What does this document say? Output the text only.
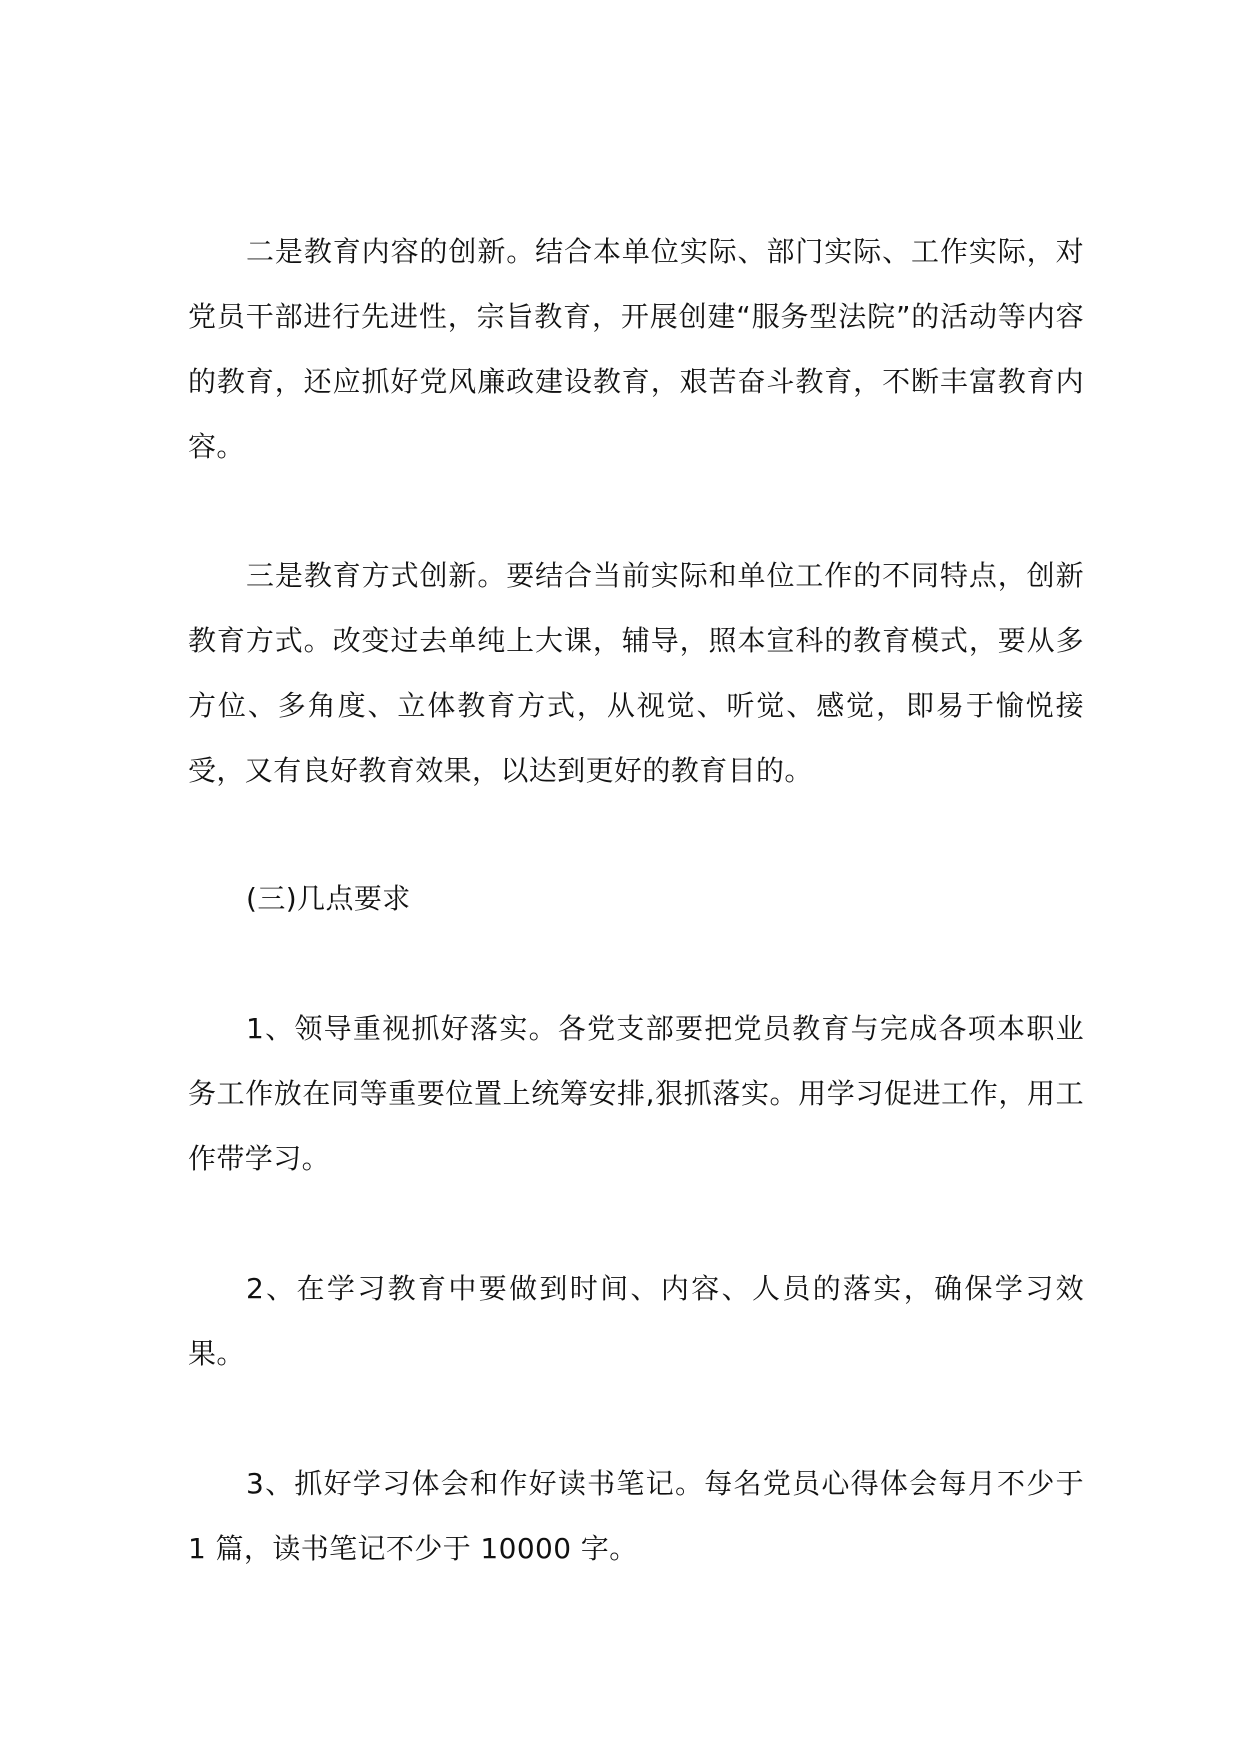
二是教育内容的创新。结合本单位实际、部门实际、工作实际，对党员干部进行先进性，宗旨教育，开展创建“服务型法院”的活动等内容的教育，还应抓好党风廉政建设教育，艰苦奋斗教育，不断丰富教育内容。

三是教育方式创新。要结合当前实际和单位工作的不同特点，创新教育方式。改变过去单纯上大课，辅导，照本宣科的教育模式，要从多方位、多角度、立体教育方式，从视觉、听觉、感觉，即易于愉悦接受，又有良好教育效果，以达到更好的教育目的。

(三)几点要求

1、领导重视抓好落实。各党支部要把党员教育与完成各项本职业务工作放在同等重要位置上统筹安排,狠抓落实。用学习促进工作，用工作带学习。

2、在学习教育中要做到时间、内容、人员的落实，确保学习效果。

3、抓好学习体会和作好读书笔记。每名党员心得体会每月不少于 1 篇，读书笔记不少于 10000 字。
